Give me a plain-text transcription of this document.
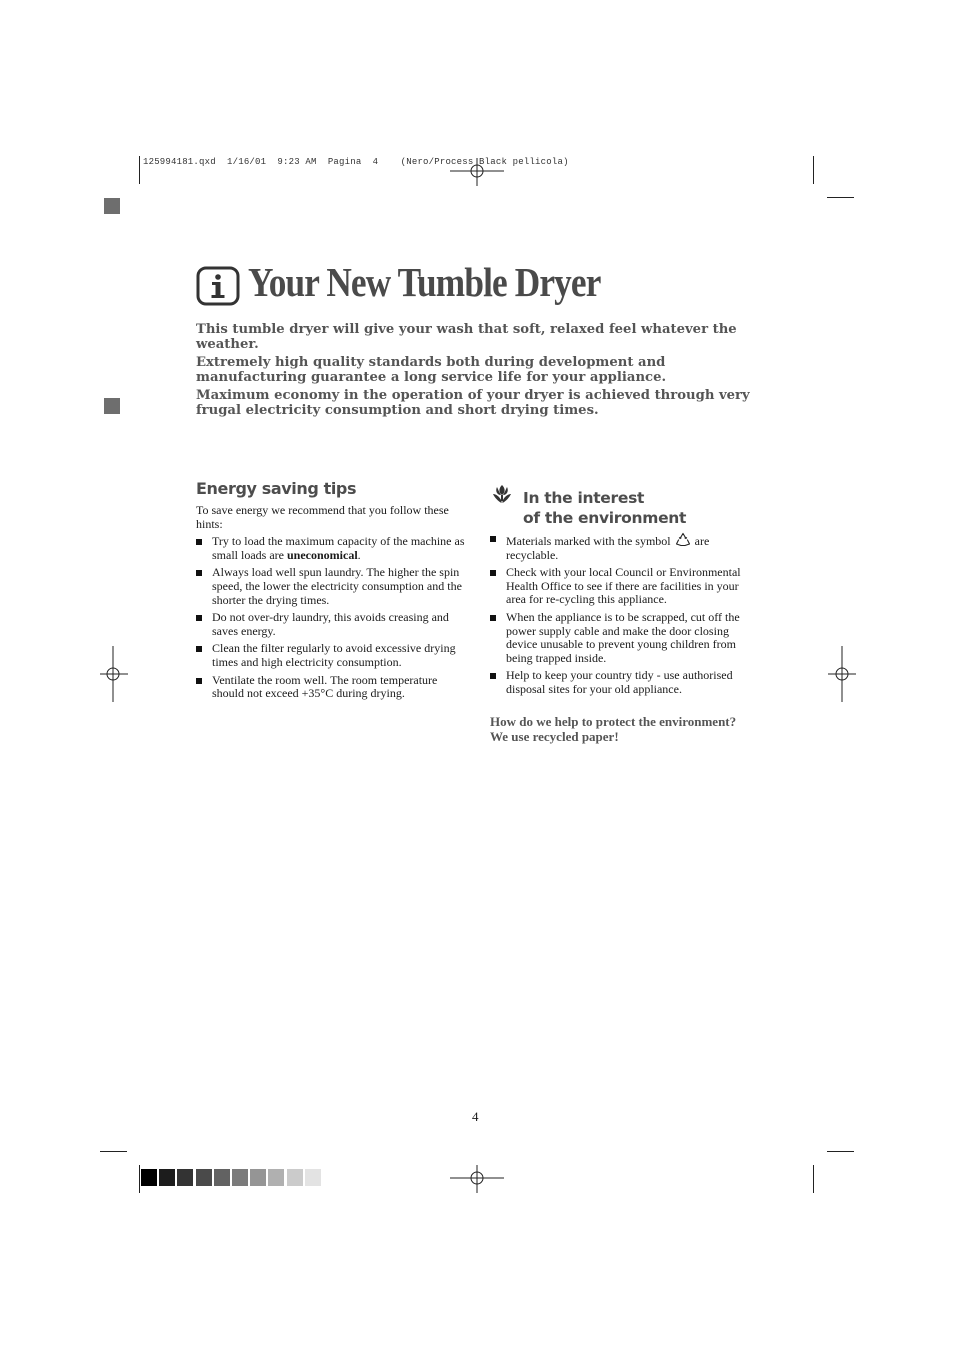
125994181.qxd  1/16/01  9:23 AM  Pagina  4    (Nero/Process Black pellicola)
Your New Tumble Dryer

This tumble dryer will give your wash that soft, relaxed feel whatever the weather.

Extremely high quality standards both during development and manufacturing guarantee a long service life for your appliance.

Maximum economy in the operation of your dryer is achieved through very frugal electricity consumption and short drying times.

Energy saving tips

To save energy we recommend that you follow these hints:

Try to load the maximum capacity of the machine as small loads are uneconomical.
Always load well spun laundry. The higher the spin speed, the lower the electricity consumption and the shorter the drying times.
Do not over-dry laundry, this avoids creasing and saves energy.
Clean the filter regularly to avoid excessive drying times and high electricity consumption.
Ventilate the room well. The room temperature should not exceed +35°C during drying.
In the interest
of the environment
Materials marked with the symbol are recyclable.
Check with your local Council or Environmental Health Office to see if there are facilities in your area for re-cycling this appliance.
When the appliance is to be scrapped, cut off the power supply cable and make the door closing device unusable to prevent young children from being trapped inside.
Help to keep your country tidy - use authorised disposal sites for your old appliance.
How do we help to protect the environment? We use recycled paper!
4
